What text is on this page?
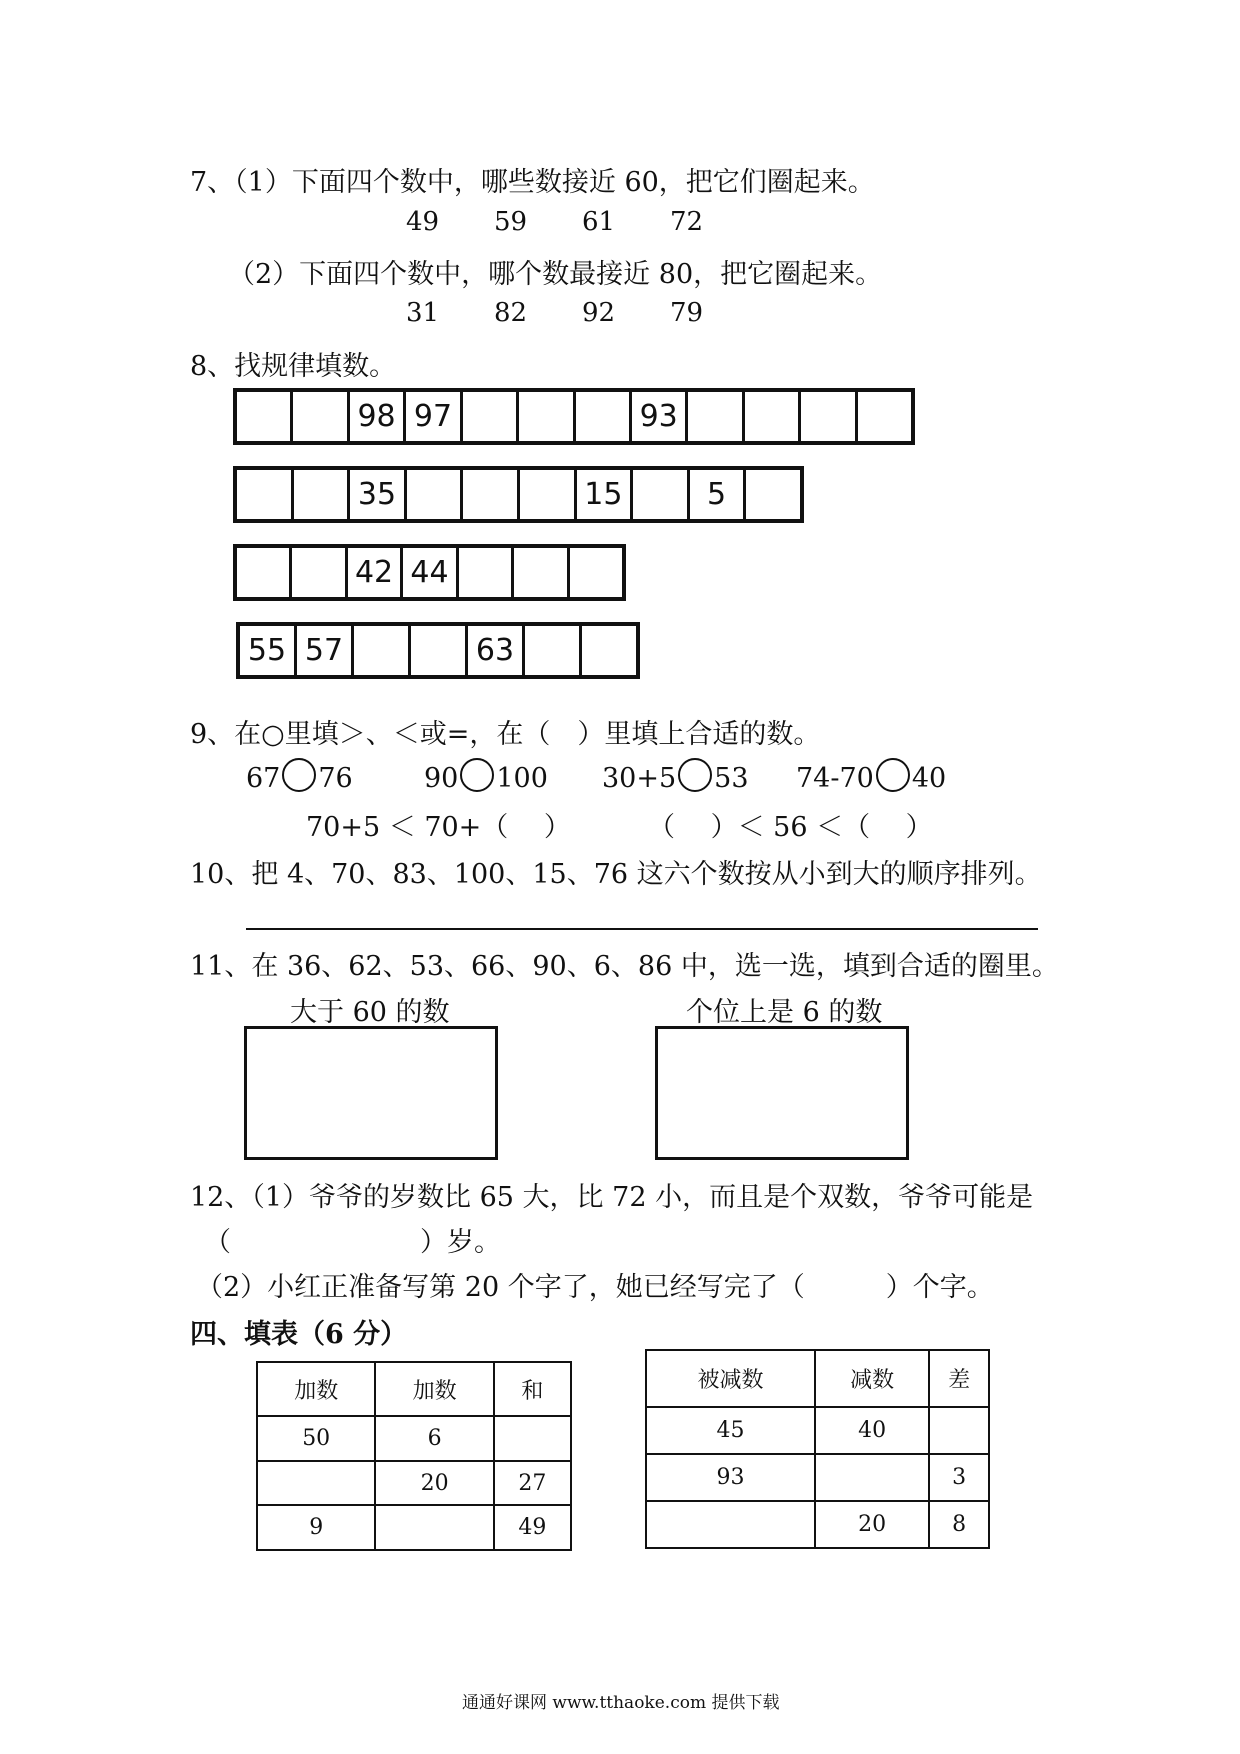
7、（1）下面四个数中，哪些数接近 60，把它们圈起来。
49 59 61 72
（2）下面四个数中，哪个数最接近 80，把它圈起来。
31 82 92 79
8、找规律填数。
98 97	93
35	15	5
42 44
55 57	63
9、在○里填＞、＜或=，在（　）里填上合适的数。
67 76	90 100 30+5 53 74-70 40
70+5 ＜ 70+（　 ）	（　 ）＜ 56 ＜（　 ）
10、把 4、70、83、100、15、76 这六个数按从小到大的顺序排列。
11、在 36、62、53、66、90、6、86 中，选一选，填到合适的圈里。
大于 60 的数	个位上是 6 的数
12、（1）爷爷的岁数比 65 大，比 72 小，而且是个双数，爷爷可能是
（　　　　　　　）岁。
（2）小红正准备写第 20 个字了，她已经写完了（　　　）个字。
四、填表（6 分）
加数	加数	和
50	6	
	20	27
9		49
被减数	减数	差
45	40	
93		3
	20	8
通通好课网 www.tthaoke.com 提供下载
